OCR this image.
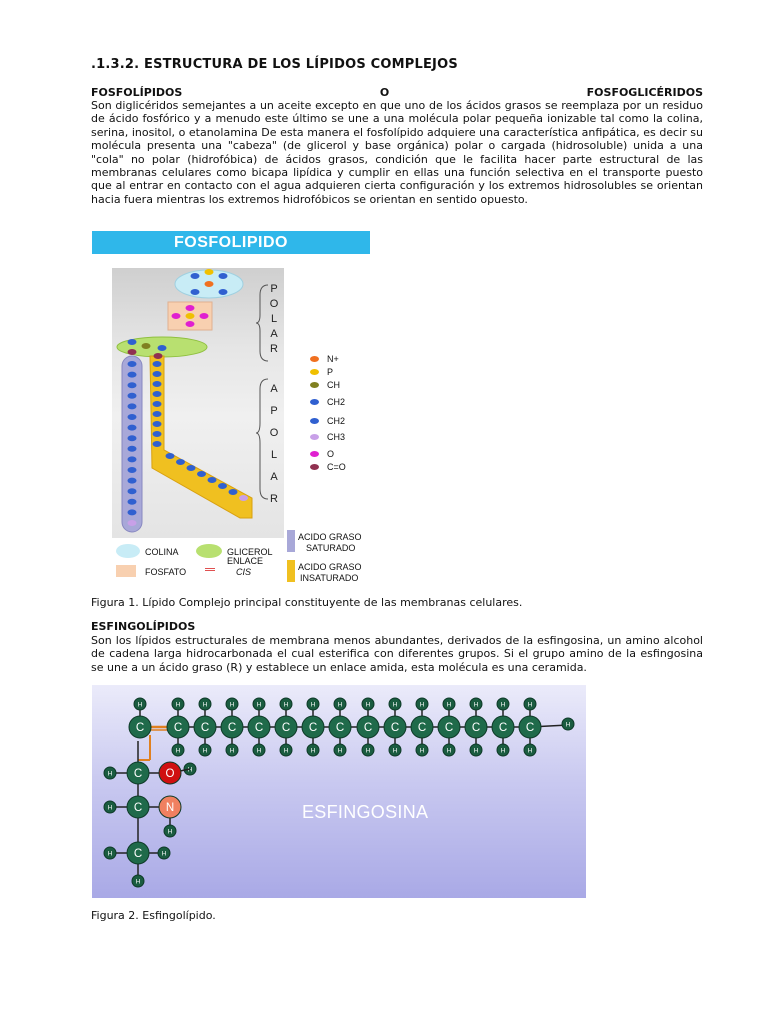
.1.3.2. ESTRUCTURA DE LOS LÍPIDOS COMPLEJOS
FOSFOLÍPIDOS	O	FOSFOGLICÉRIDOS
Son diglicéridos semejantes a un aceite excepto en que uno de los ácidos grasos se reemplaza por un residuo de ácido fosfórico y a menudo este último se une a una molécula polar pequeña ionizable tal como la colina, serina, inositol, o etanolamina De esta manera el fosfolípido adquiere una característica anfipática, es decir su molécula presenta una "cabeza" (de glicerol y base orgánica) polar o cargada (hidrosoluble) unida a una "cola" no polar (hidrofóbica) de ácidos grasos, condición que le facilita hacer parte estructural de las membranas celulares como bicapa lipídica y cumplir en ellas una función selectiva en el transporte puesto que al entrar en contacto con el agua adquieren cierta configuración y los extremos hidrosolubles se orientan hacia fuera mientras los extremos hidrofóbicos se orientan en sentido opuesto.
FOSFOLIPIDO
P
O
L
A
R
A
P
O
L
A
R
N+
P
CH
CH2
CH2
CH3
O
C=O
COLINA	GLICEROL
ENLACE
CIS
FOSFATO
ACIDO GRASO
SATURADO
ACIDO GRASO
INSATURADO
Figura 1. Lípido Complejo principal constituyente de las membranas celulares.
ESFINGOLÍPIDOS
Son los lípidos estructurales de membrana menos abundantes, derivados de la esfingosina, un amino alcohol de cadena larga hidrocarbonada el cual esterifica con diferentes grupos. Si el grupo amino de la esfingosina se une a un ácido graso (R) y establece un enlace amida, esta molécula es una ceramida.
H
H	H
H
H
H
H
H
H
H
H
H
H
H
H
H
H
H
H
H
H
H
H
H
H
H
H
H
H
H
C	C C C C C C C C C C C C C C
H
H
H	H
H
H
H
C
C
C
O
N	ESFINGOSINA
Figura 2. Esfingolípido.
